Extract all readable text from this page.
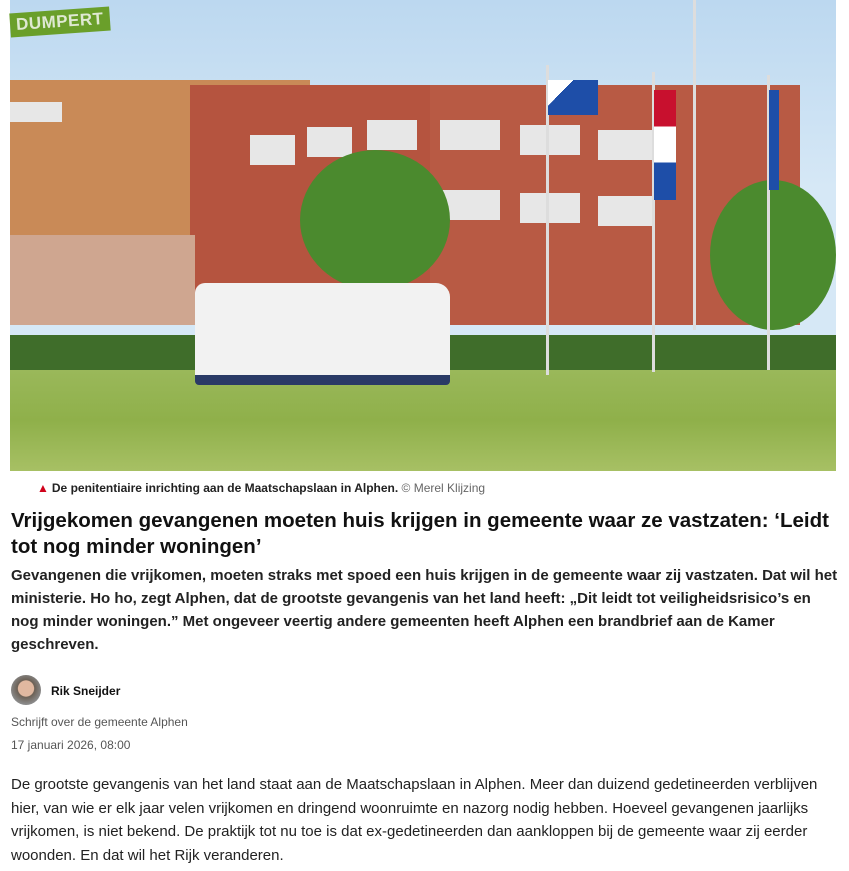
DUMPERT
▲ De penitentiaire inrichting aan de Maatschapslaan in Alphen. © Merel Klijzing
Vrijgekomen gevangenen moeten huis krijgen in gemeente waar ze vastzaten: ‘Leidt tot nog minder woningen’

Gevangenen die vrijkomen, moeten straks met spoed een huis krijgen in de gemeente waar zij vastzaten. Dat wil het ministerie. Ho ho, zegt Alphen, dat de grootste gevangenis van het land heeft: „Dit leidt tot veiligheidsrisico’s en nog minder woningen.” Met ongeveer veertig andere gemeenten heeft Alphen een brandbrief aan de Kamer geschreven.

Rik Sneijder
Schrijft over de gemeente Alphen
17 januari 2026, 08:00

De grootste gevangenis van het land staat aan de Maatschapslaan in Alphen. Meer dan duizend gedetineerden verblijven hier, van wie er elk jaar velen vrijkomen en dringend woonruimte en nazorg nodig hebben. Hoeveel gevangenen jaarlijks vrijkomen, is niet bekend. De praktijk tot nu toe is dat ex-gedetineerden dan aankloppen bij de gemeente waar zij eerder woonden. En dat wil het Rijk veranderen.
